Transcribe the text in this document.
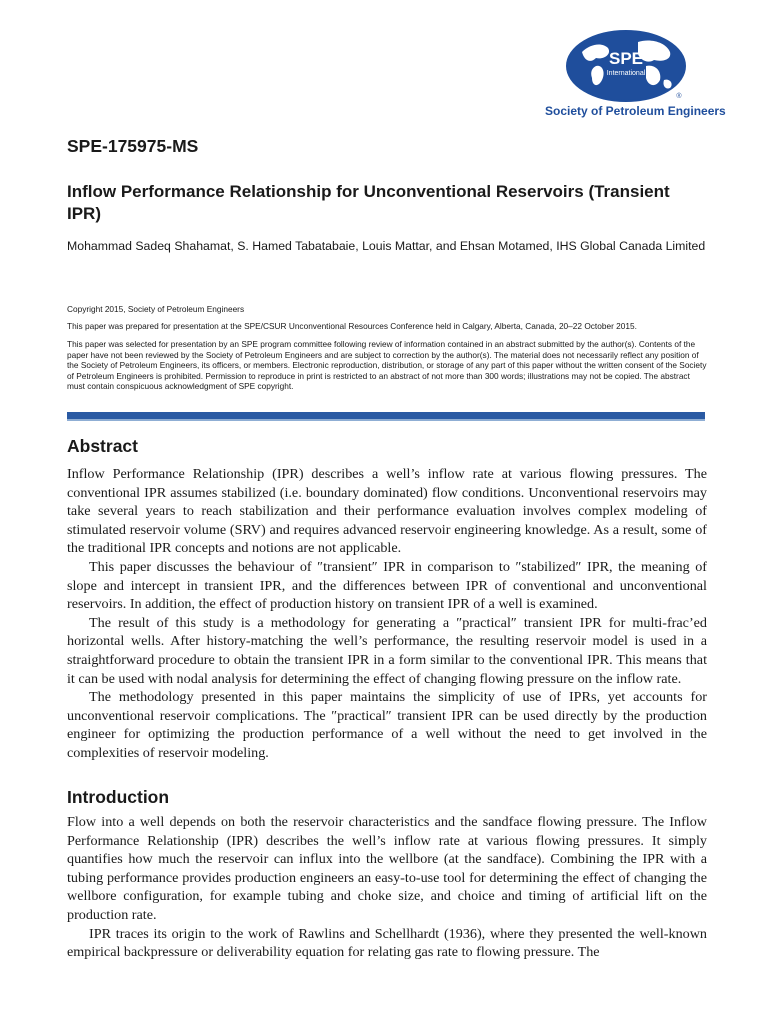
SPE
International
®
Society of Petroleum Engineers
SPE-175975-MS
Inflow Performance Relationship for Unconventional Reservoirs (Transient IPR)

Mohammad Sadeq Shahamat, S. Hamed Tabatabaie, Louis Mattar, and Ehsan Motamed, IHS Global Canada Limited

Copyright 2015, Society of Petroleum Engineers

This paper was prepared for presentation at the SPE/CSUR Unconventional Resources Conference held in Calgary, Alberta, Canada, 20–22 October 2015.

This paper was selected for presentation by an SPE program committee following review of information contained in an abstract submitted by the author(s). Contents of the paper have not been reviewed by the Society of Petroleum Engineers and are subject to correction by the author(s). The material does not necessarily reflect any position of the Society of Petroleum Engineers, its officers, or members. Electronic reproduction, distribution, or storage of any part of this paper without the written consent of the Society of Petroleum Engineers is prohibited. Permission to reproduce in print is restricted to an abstract of not more than 300 words; illustrations may not be copied. The abstract must contain conspicuous acknowledgment of SPE copyright.

Abstract

Inflow Performance Relationship (IPR) describes a well’s inflow rate at various flowing pressures. The conventional IPR assumes stabilized (i.e. boundary dominated) flow conditions. Unconventional reservoirs may take several years to reach stabilization and their performance evaluation involves complex modeling of stimulated reservoir volume (SRV) and requires advanced reservoir engineering knowledge. As a result, some of the traditional IPR concepts and notions are not applicable.

This paper discusses the behaviour of ″transient″ IPR in comparison to ″stabilized″ IPR, the meaning of slope and intercept in transient IPR, and the differences between IPR of conventional and unconventional reservoirs. In addition, the effect of production history on transient IPR of a well is examined.

The result of this study is a methodology for generating a ″practical″ transient IPR for multi-frac’ed horizontal wells. After history-matching the well’s performance, the resulting reservoir model is used in a straightforward procedure to obtain the transient IPR in a form similar to the conventional IPR. This means that it can be used with nodal analysis for determining the effect of changing flowing pressure on the inflow rate.

The methodology presented in this paper maintains the simplicity of use of IPRs, yet accounts for unconventional reservoir complications. The ″practical″ transient IPR can be used directly by the production engineer for optimizing the production performance of a well without the need to get involved in the complexities of reservoir modeling.

Introduction

Flow into a well depends on both the reservoir characteristics and the sandface flowing pressure. The Inflow Performance Relationship (IPR) describes the well’s inflow rate at various flowing pressures. It simply quantifies how much the reservoir can influx into the wellbore (at the sandface). Combining the IPR with a tubing performance provides production engineers an easy-to-use tool for determining the effect of changing the wellbore configuration, for example tubing and choke size, and choice and timing of artificial lift on the production rate.

IPR traces its origin to the work of Rawlins and Schellhardt (1936), where they presented the well-known empirical backpressure or deliverability equation for relating gas rate to flowing pressure. The
